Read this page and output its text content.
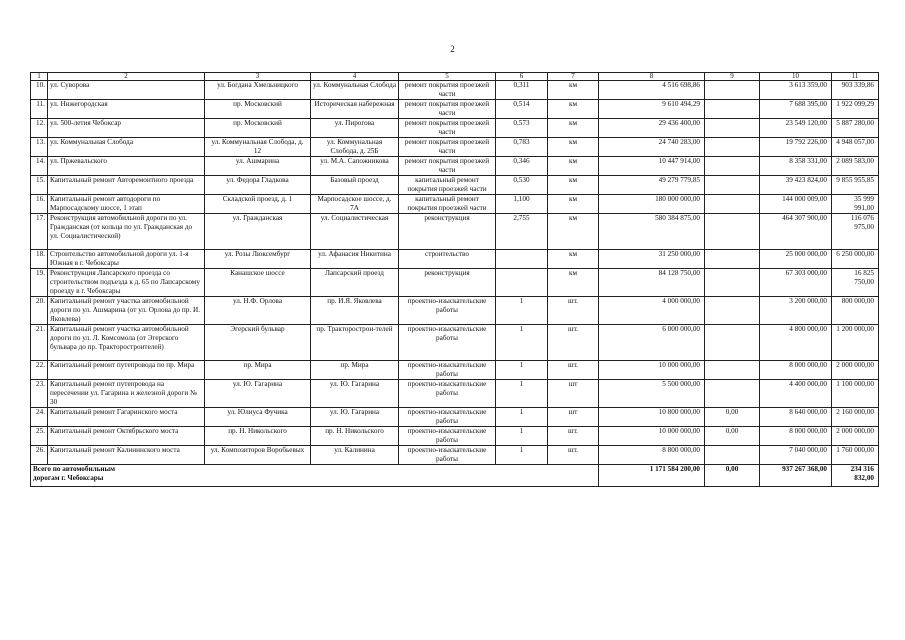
2
1	2	3	4	5	6	7	8	9	10	11
10.	ул. Суворова	ул. Богдана Хмельницкого	ул. Коммунальная Слобода	ремонт покрытия проезжей части	0,311	км	4 516 698,86		3 613 359,00	903 339,86
11.	ул. Нижегородская	пр. Московский	Историческая набережная	ремонт покрытия проезжей части	0,514	км	9 610 494,29		7 688 395,00	1 922 099,29
12.	ул. 500-летия Чебоксар	пр. Московский	ул. Пирогова	ремонт покрытия проезжей части	0,573	км	29 436 400,00		23 549 120,00	5 887 280,00
13.	ул. Коммунальная Слобода	ул. Коммунальная Слобода, д. 12	ул. Коммунальная Слобода, д. 25Б	ремонт покрытия проезжей части	0,783	км	24 740 283,00		19 792 226,00	4 948 057,00
14.	ул. Пржевальского	ул. Ашмарина	ул. М.А. Сапожникова	ремонт покрытия проезжей части	0,346	км	10 447 914,00		8 358 331,00	2 089 583,00
15.	Капитальный ремонт Авторемонтного проезда	ул. Федора Гладкова	Базовый проезд	капитальный ремонт покрытия проезжей части	0,530	км	49 279 779,85		39 423 824,00	9 855 955,85
16.	Капитальный ремонт автодороги по Марпосадскому шоссе, 1 этап	Складской проезд, д. 1	Марпосадское шоссе, д. 7А	капитальный ремонт покрытия проезжей части	1,100	км	180 000 000,00		144 000 009,00	35 999 991,00
17.	Реконструкция автомобильной дороги по ул. Гражданская (от кольца по ул. Гражданская до ул. Социалистической)	ул. Гражданская	ул. Социалистическая	реконструкция	2,755	км	580 384 875,00		464 307 900,00	116 076 975,00
18.	Строительство автомобильной дороги ул. 1-я Южная в г. Чебоксары	ул. Розы Люксембург	ул. Афанасия Никитина	строительство		км	31 250 000,00		25 000 000,00	6 250 000,00
19.	Реконструкция Лапсарского проезда со строительством подъезда к д. 65 по Лапсарскому проезду в г. Чебоксары	Канашское шоссе	Лапсарский проезд	реконструкция		км	84 128 750,00		67 303 000,00	16 825 750,00
20.	Капитальный ремонт участка автомобильной дороги по ул. Ашмарина (от ул. Орлова до пр. И. Яковлева)	ул. Н.Ф. Орлова	пр. И.Я. Яковлева	проектно-изыскательские работы	1	шт.	4 000 000,00		3 200 000,00	800 000,00
21.	Капитальный ремонт участка автомобильной дороги по ул. Л. Комсомола (от Эгерского бульвара до пр. Тракторостроителей)	Эгерский бульвар	пр. Тракторострои-телей	проектно-изыскательские работы	1	шт.	6 000 000,00		4 800 000,00	1 200 000,00
22.	Капитальный ремонт путепровода по пр. Мира	пр. Мира	пр. Мира	проектно-изыскательские работы	1	шт.	10 000 000,00		8 000 000,00	2 000 000,00
23.	Капитальный ремонт путепровода на пересечении ул. Гагарина и железной дороги № 30	ул. Ю. Гагарина	ул. Ю. Гагарина	проектно-изыскательские работы	1	шт	5 500 000,00		4 400 000,00	1 100 000,00
24.	Капитальный ремонт Гагаринского моста	ул. Юлиуса Фучика	ул. Ю. Гагарина	проектно-изыскательские работы	1	шт	10 800 000,00	0,00	8 640 000,00	2 160 000,00
25.	Капитальный ремонт Октябрьского моста	пр. Н. Никольского	пр. Н. Никольского	проектно-изыскательские работы	1	шт.	10 000 000,00	0,00	8 000 000,00	2 000 000,00
26.	Капитальный ремонт Калининского моста	ул. Композиторов Воробьевых	ул. Калинина	проектно-изыскательские работы	1	шт.	8 800 000,00		7 040 000,00	1 760 000,00
Всего по автомобильным дорогам г. Чебоксары							1 171 584 200,00	0,00	937 267 368,00	234 316 832,00
